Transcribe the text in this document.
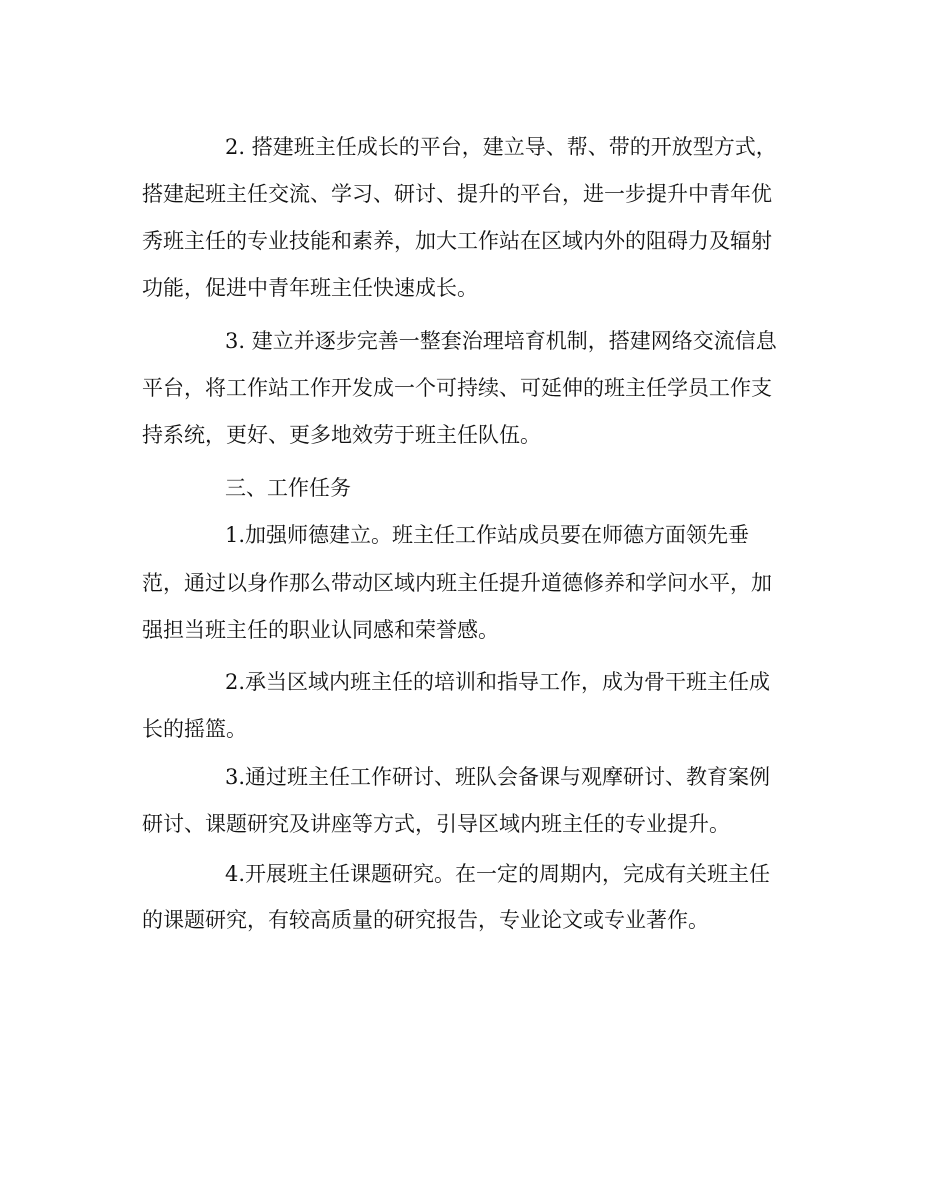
2. 搭建班主任成长的平台，建立导、帮、带的开放型方式，
搭建起班主任交流、学习、研讨、提升的平台，进一步提升中青年优
秀班主任的专业技能和素养，加大工作站在区域内外的阻碍力及辐射
功能，促进中青年班主任快速成长。
3. 建立并逐步完善一整套治理培育机制，搭建网络交流信息
平台，将工作站工作开发成一个可持续、可延伸的班主任学员工作支
持系统，更好、更多地效劳于班主任队伍。
三、工作任务
1.加强师德建立。班主任工作站成员要在师德方面领先垂
范，通过以身作那么带动区域内班主任提升道德修养和学问水平，加
强担当班主任的职业认同感和荣誉感。
2.承当区域内班主任的培训和指导工作，成为骨干班主任成
长的摇篮。
3.通过班主任工作研讨、班队会备课与观摩研讨、教育案例
研讨、课题研究及讲座等方式，引导区域内班主任的专业提升。
4.开展班主任课题研究。在一定的周期内，完成有关班主任
的课题研究，有较高质量的研究报告，专业论文或专业著作。
